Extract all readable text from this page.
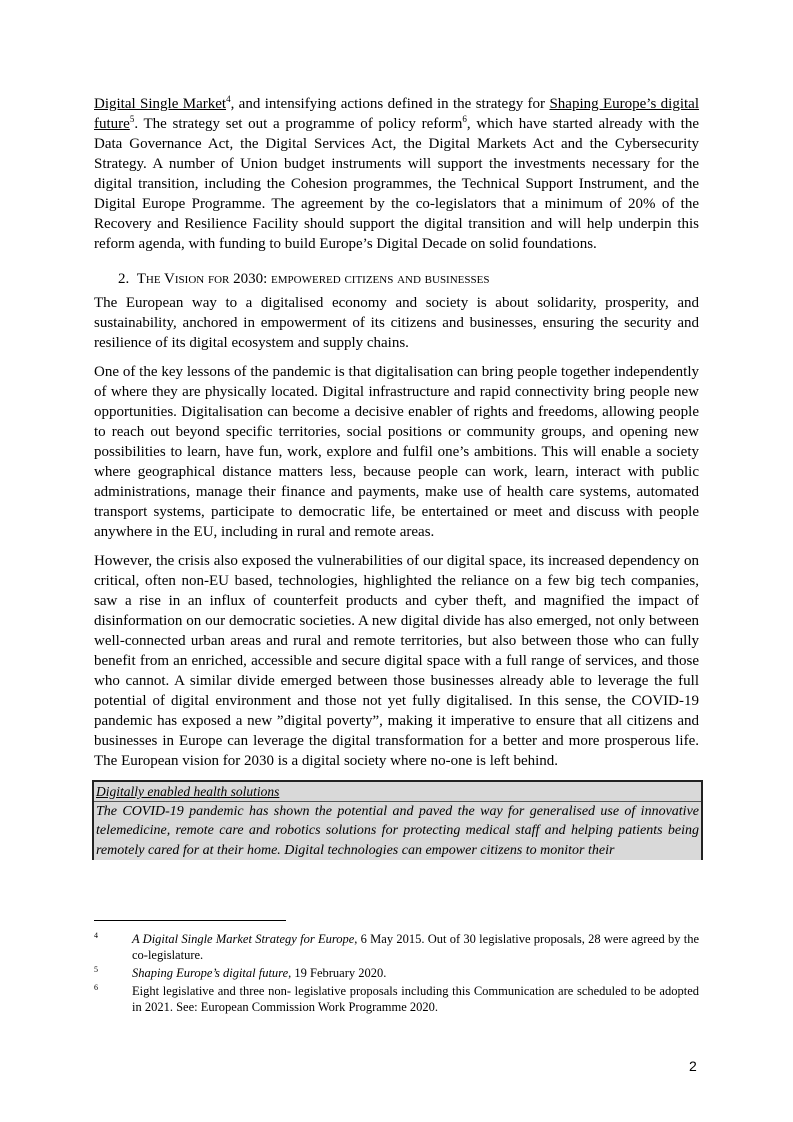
Digital Single Market$^4$, and intensifying actions defined in the strategy for Shaping Europe’s digital future$^5$. The strategy set out a programme of policy reform$^6$, which have started already with the Data Governance Act, the Digital Services Act, the Digital Markets Act and the Cybersecurity Strategy. A number of Union budget instruments will support the investments necessary for the digital transition, including the Cohesion programmes, the Technical Support Instrument, and the Digital Europe Programme. The agreement by the co-legislators that a minimum of 20% of the Recovery and Resilience Facility should support the digital transition and will help underpin this reform agenda, with funding to build Europe’s Digital Decade on solid foundations.

2. The Vision for 2030: empowered citizens and businesses

The European way to a digitalised economy and society is about solidarity, prosperity, and sustainability, anchored in empowerment of its citizens and businesses, ensuring the security and resilience of its digital ecosystem and supply chains.

One of the key lessons of the pandemic is that digitalisation can bring people together independently of where they are physically located. Digital infrastructure and rapid connectivity bring people new opportunities. Digitalisation can become a decisive enabler of rights and freedoms, allowing people to reach out beyond specific territories, social positions or community groups, and opening new possibilities to learn, have fun, work, explore and fulfil one’s ambitions. This will enable a society where geographical distance matters less, because people can work, learn, interact with public administrations, manage their finance and payments, make use of health care systems, automated transport systems, participate to democratic life, be entertained or meet and discuss with people anywhere in the EU, including in rural and remote areas.

However, the crisis also exposed the vulnerabilities of our digital space, its increased dependency on critical, often non-EU based, technologies, highlighted the reliance on a few big tech companies, saw a rise in an influx of counterfeit products and cyber theft, and magnified the impact of disinformation on our democratic societies. A new digital divide has also emerged, not only between well-connected urban areas and rural and remote territories, but also between those who can fully benefit from an enriched, accessible and secure digital space with a full range of services, and those who cannot. A similar divide emerged between those businesses already able to leverage the full potential of digital environment and those not yet fully digitalised. In this sense, the COVID-19 pandemic has exposed a new ”digital poverty”, making it imperative to ensure that all citizens and businesses in Europe can leverage the digital transformation for a better and more prosperous life. The European vision for 2030 is a digital society where no-one is left behind.

Digitally enabled health solutions

The COVID-19 pandemic has shown the potential and paved the way for generalised use of innovative telemedicine, remote care and robotics solutions for protecting medical staff and helping patients being remotely cared for at their home. Digital technologies can empower citizens to monitor their

4	A Digital Single Market Strategy for Europe, 6 May 2015. Out of 30 legislative proposals, 28 were agreed by the co-legislature.
5	Shaping Europe’s digital future, 19 February 2020.
6	Eight legislative and three non- legislative proposals including this Communication are scheduled to be adopted in 2021. See: European Commission Work Programme 2020.
2
